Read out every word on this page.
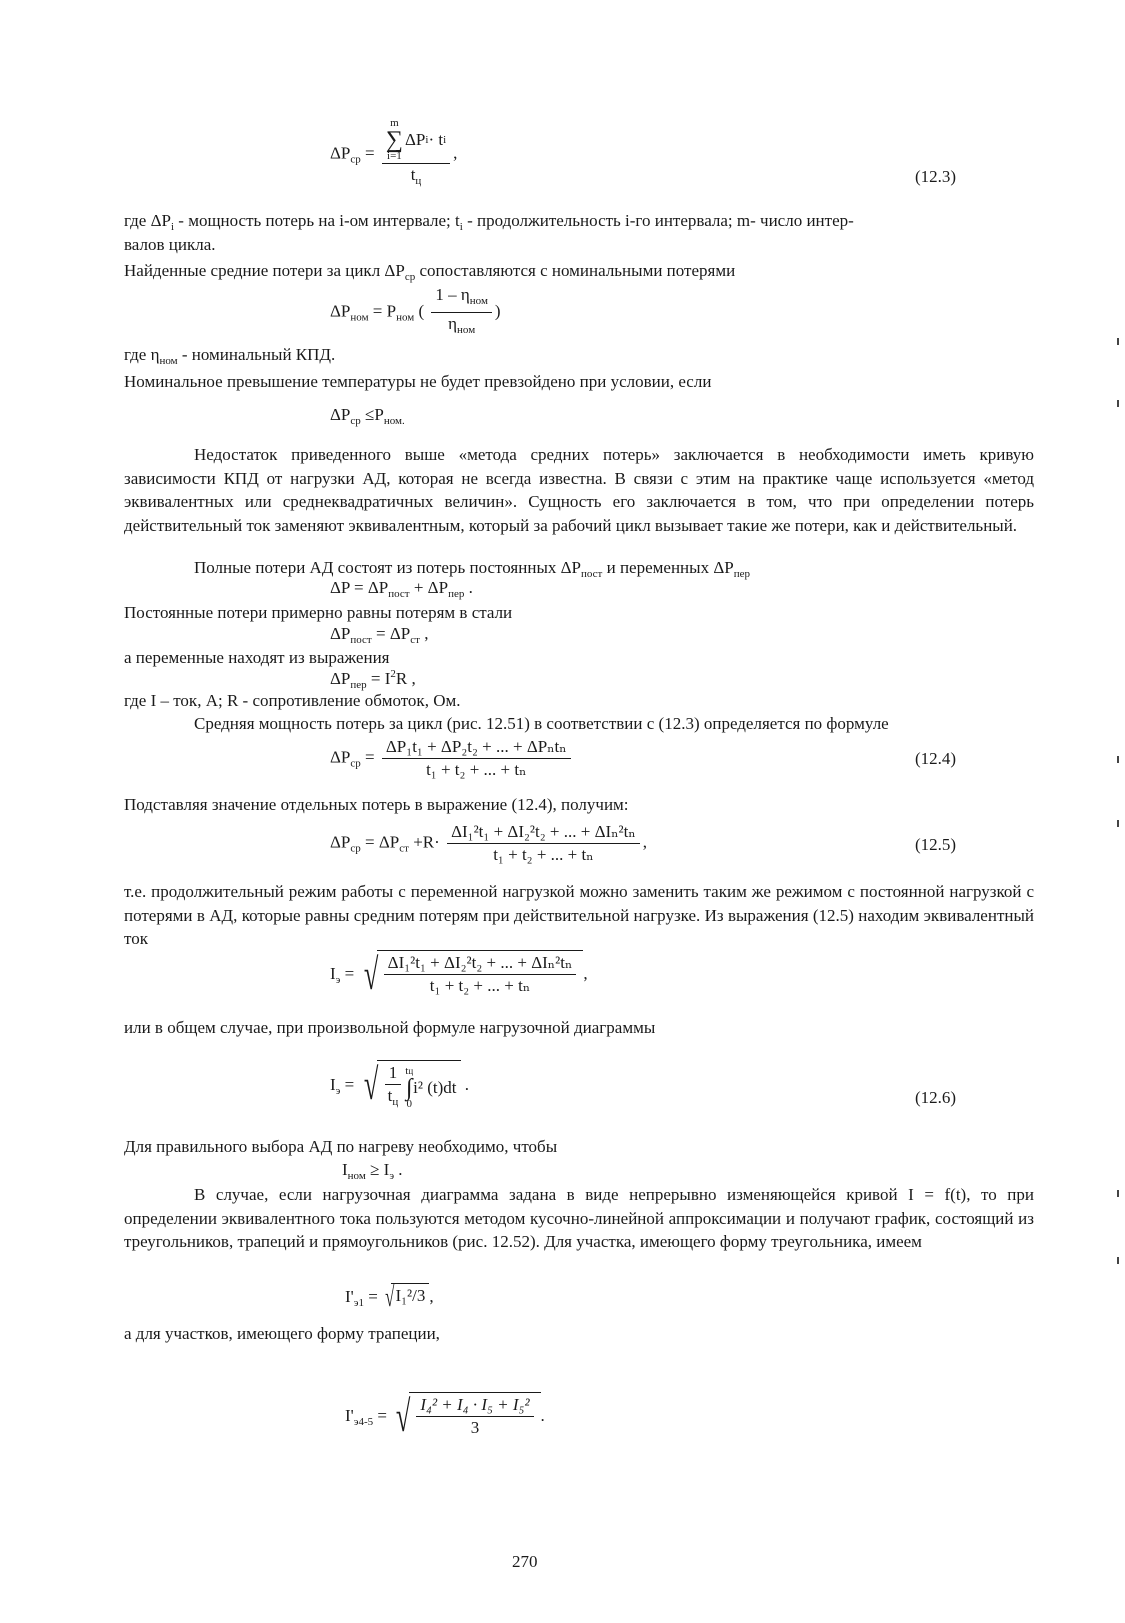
$\Delta P_{ср} = m$
∑
i=1
ΔP i · t i
$t_ц$ ,
(12.3)
где $\Delta P_i$ - мощность потерь на i-ом интервале; $t_i$ - продолжительность i-го интервала; m- число интер-
валов цикла.
Найденные средние потери за цикл $\Delta P_{ср}$ сопоставляются с номинальными потерями
$\Delta P_{ном} = P_{ном}$ ( $\frac{1 - \eta_{ном}}{\eta_{ном}}$ )
где $\eta_{ном}$ - номинальный КПД.
Номинальное превышение температуры не будет превзойдено при условии, если
$\Delta P_{ср} \le P_{ном.}$
Недостаток приведенного выше «метода средних потерь» заключается в необходимости иметь кривую зависимости КПД от нагрузки АД, которая не всегда известна. В связи с этим на практике чаще используется «метод эквивалентных или среднеквадратичных величин». Сущность его заключается в том, что при определении потерь действительный ток заменяют эквивалентным, который за рабочий цикл вызывает такие же потери, как и действительный.
Полные потери АД состоят из потерь постоянных $\Delta P_{пост}$ и переменных $\Delta P_{пер}$
$\Delta P = \Delta P_{пост} + \Delta P_{пер}$ .
Постоянные потери примерно равны потерям в стали
$\Delta P_{пост} = \Delta P_{ст}$ ,
а переменные находят из выражения
$\Delta P_{пер} = I^2R$ ,
где I – ток, А; R - сопротивление обмоток, Ом.
Средняя мощность потерь за цикл (рис. 12.51) в соответствии с (12.3) определяется по формуле
$\Delta P_{ср} = \frac{\text{ΔP₁t₁ + ΔP₂t₂ + ... + ΔPₙtₙ}}{\text{t₁ + t₂ + ... + tₙ}}$	(12.4)
Подставляя значение отдельных потерь в выражение (12.4), получим:
$\Delta P_{ср} = \Delta P_{ст} +R\cdot \frac{\text{ΔI₁²t₁ + ΔI₂²t₂ + ... + ΔIₙ²tₙ}}{\text{t₁ + t₂ + ... + tₙ}}$ ,	(12.5)
т.е. продолжительный режим работы с переменной нагрузкой можно заменить таким же режимом с постоянной нагрузкой с потерями в АД, которые равны средним потерям при действительной нагрузке. Из выражения (12.5) находим эквивалентный ток
$I_э$ = √ $\frac{\text{ΔI₁²t₁ + ΔI₂²t₂ + ... + ΔIₙ²tₙ}}{\text{t₁ + t₂ + ... + tₙ}}$ ,
или в общем случае, при произвольной формуле нагрузочной диаграммы
$I_э$ = √ $\frac{1}{t_ц}$ tц
∫
0
i² (t)dt .
(12.6)
Для правильного выбора АД по нагреву необходимо, чтобы
$I_{ном} \ge I_э$ .
В случае, если нагрузочная диаграмма задана в виде непрерывно изменяющейся кривой I = f(t), то при определении эквивалентного тока пользуются методом кусочно-линейной аппроксимации и получают график, состоящий из треугольников, трапеций и прямоугольников (рис. 12.52). Для участка, имеющего форму треугольника, имеем
$I'_{э1}$ = √ I₁²/3 ,
а для участков, имеющего форму трапеции,
$I'_{э4-5}$ = √ $\frac{\text{I₄² + I₄ · I₅ + I₅²}}{3}$ .
270
